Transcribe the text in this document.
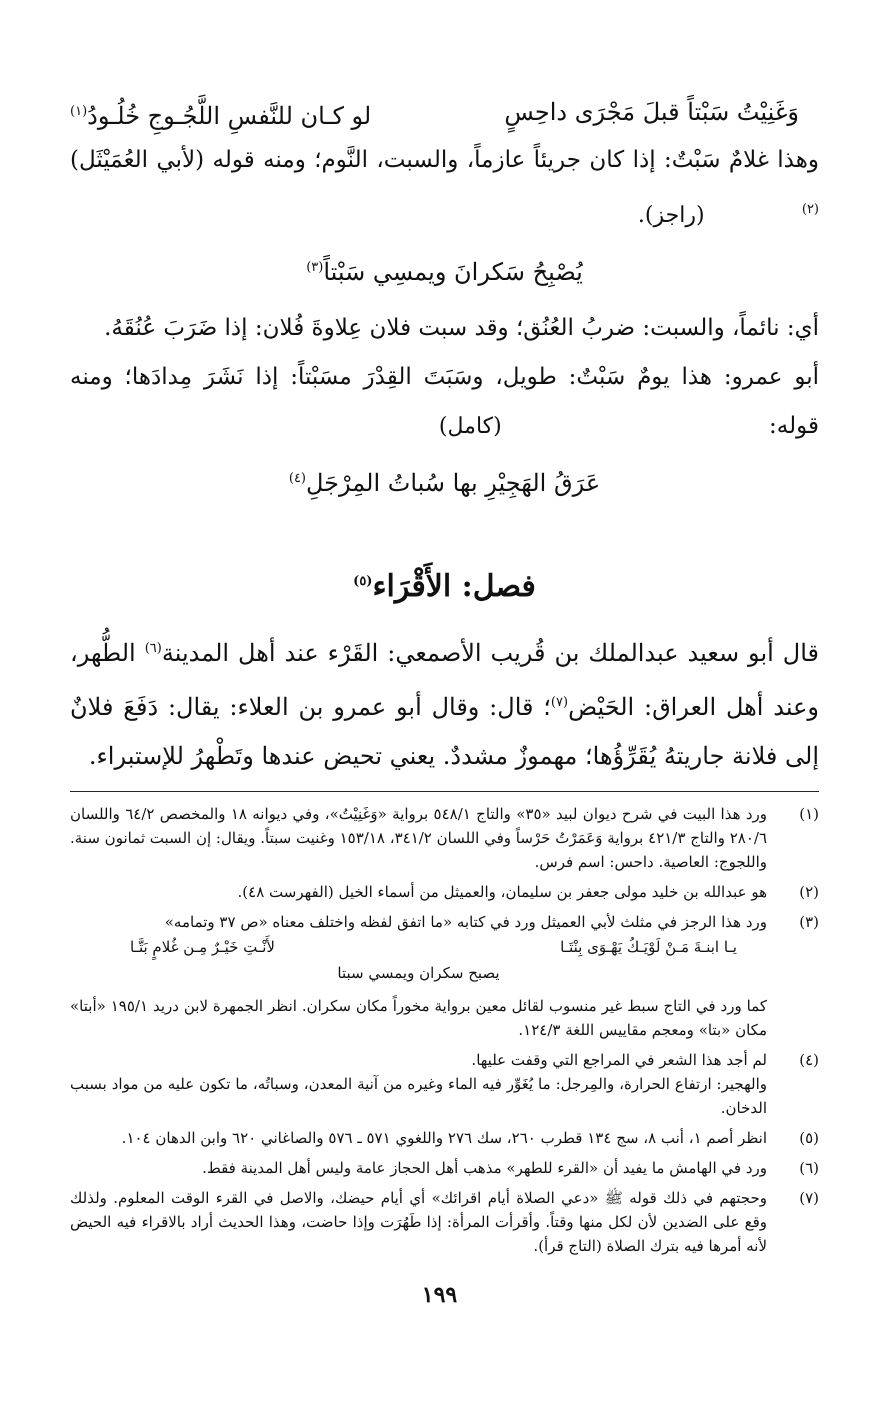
وَغَنِيْتُ سَبْتاً قبلَ مَجْرَى داحِسٍ
لو كـان للنَّفسِ اللَّجُـوجِ خُلُـودُ$^{(١)}$

وهذا غلامٌ سَبْتٌ: إذا كان جريئاً عازماً، والسبت، النَّوم؛ ومنه قوله (لأبي العُمَيْثَل)$^{(٢)}$ (راجز).

يُصْبِحُ سَكرانَ ويمسِي سَبْتاً$^{(٣)}$

أي: نائماً، والسبت: ضربُ العُنُق؛ وقد سبت فلان عِلاوةَ فُلان: إذا ضَرَبَ عُنُقَهُ.

أبو عمرو: هذا يومٌ سَبْتٌ: طويل، وسَبَتَ القِدْرَ مسَبْتاً: إذا نَشَرَ مِدادَها؛ ومنه قوله: (كامل)

عَرَقُ الهَجِيْرِ بها سُباتُ المِرْجَلِ$^{(٤)}$
فصل: الأَقْرَاء$^{(٥)}$

قال أبو سعيد عبدالملك بن قُريب الأصمعي: القَرْء عند أهل المدينة$^{(٦)}$ الطُّهر، وعند أهل العراق: الحَيْض$^{(٧)}$؛ قال: وقال أبو عمرو بن العلاء: يقال: دَفَعَ فلانٌ إلى فلانة جاريتهُ يُقَرِّؤُها؛ مهموزٌ مشددٌ. يعني تحيض عندها وتَطْهرُ للإستبراء.

(١)

ورد هذا البيت في شرح ديوان لبيد «٣٥» والتاج ٥٤٨/١ برواية «وَغَنِيْتُ»، وفي ديوانه ١٨ والمخصص ٦٤/٢ واللسان ٢٨٠/٦ والتاج ٤٢١/٣ برواية وَعَمَرْتُ حَرْساً وفي اللسان ٣٤١/٢، ١٥٣/١٨ وغنيت سبتاً. ويقال: إن السبت ثمانون سنة. واللجوج: العاصية. داحس: اسم فرس.

(٢)

هو عبدالله بن خليد مولى جعفر بن سليمان، والعميثل من أسماء الخيل (الفهرست ٤٨).

(٣)

ورد هذا الرجز في مثلث لأبي العميثل ورد في كتابه «ما اتفق لفظه واختلف معناه «ص ٣٧ وتمامه»

يـا ابنـةَ مَـنْ لَوْيَـكُ يَهْـوَى بِنْتَـا
لأَنْـتِ خَيْـرٌ مِـن غُلامٍ بَتَّـا
يصبح سكران ويمسي سبتا

كما ورد في التاج سبط غير منسوب لقائل معين برواية مخوراً مكان سكران. انظر الجمهرة لابن دريد ١٩٥/١ «أبتا» مكان «بتا» ومعجم مقاييس اللغة ١٢٤/٣.

(٤)

لم أجد هذا الشعر في المراجع التي وقفت عليها.

والهجير: ارتفاع الحرارة، والمِرجل: ما يُغَوِّر فيه الماء وغيره من آنية المعدن، وسباتُه، ما تكون عليه من مواد بسبب الدخان.

(٥)

انظر أصم ١، أنب ٨، سج ١٣٤ قطرب ٢٦٠، سك ٢٧٦ واللغوي ٥٧١ ـ ٥٧٦ والصاغاني ٦٢٠ وابن الدهان ١٠٤.

(٦)

ورد في الهامش ما يفيد أن «القرء للطهر» مذهب أهل الحجاز عامة وليس أهل المدينة فقط.

(٧)

وحجتهم في ذلك قوله ﷺ «دعي الصلاة أيام اقرائك» أي أيام حيضك، والاصل في القرء الوقت المعلوم. ولذلك وقع على الضدين لأن لكل منها وقتاً. وأقرأت المرأة: إذا طَهُرَت وإذا حاضت، وهذا الحديث أراد بالاقراء فيه الحيض لأنه أمرها فيه بترك الصلاة (التاج قرأ).

١٩٩
